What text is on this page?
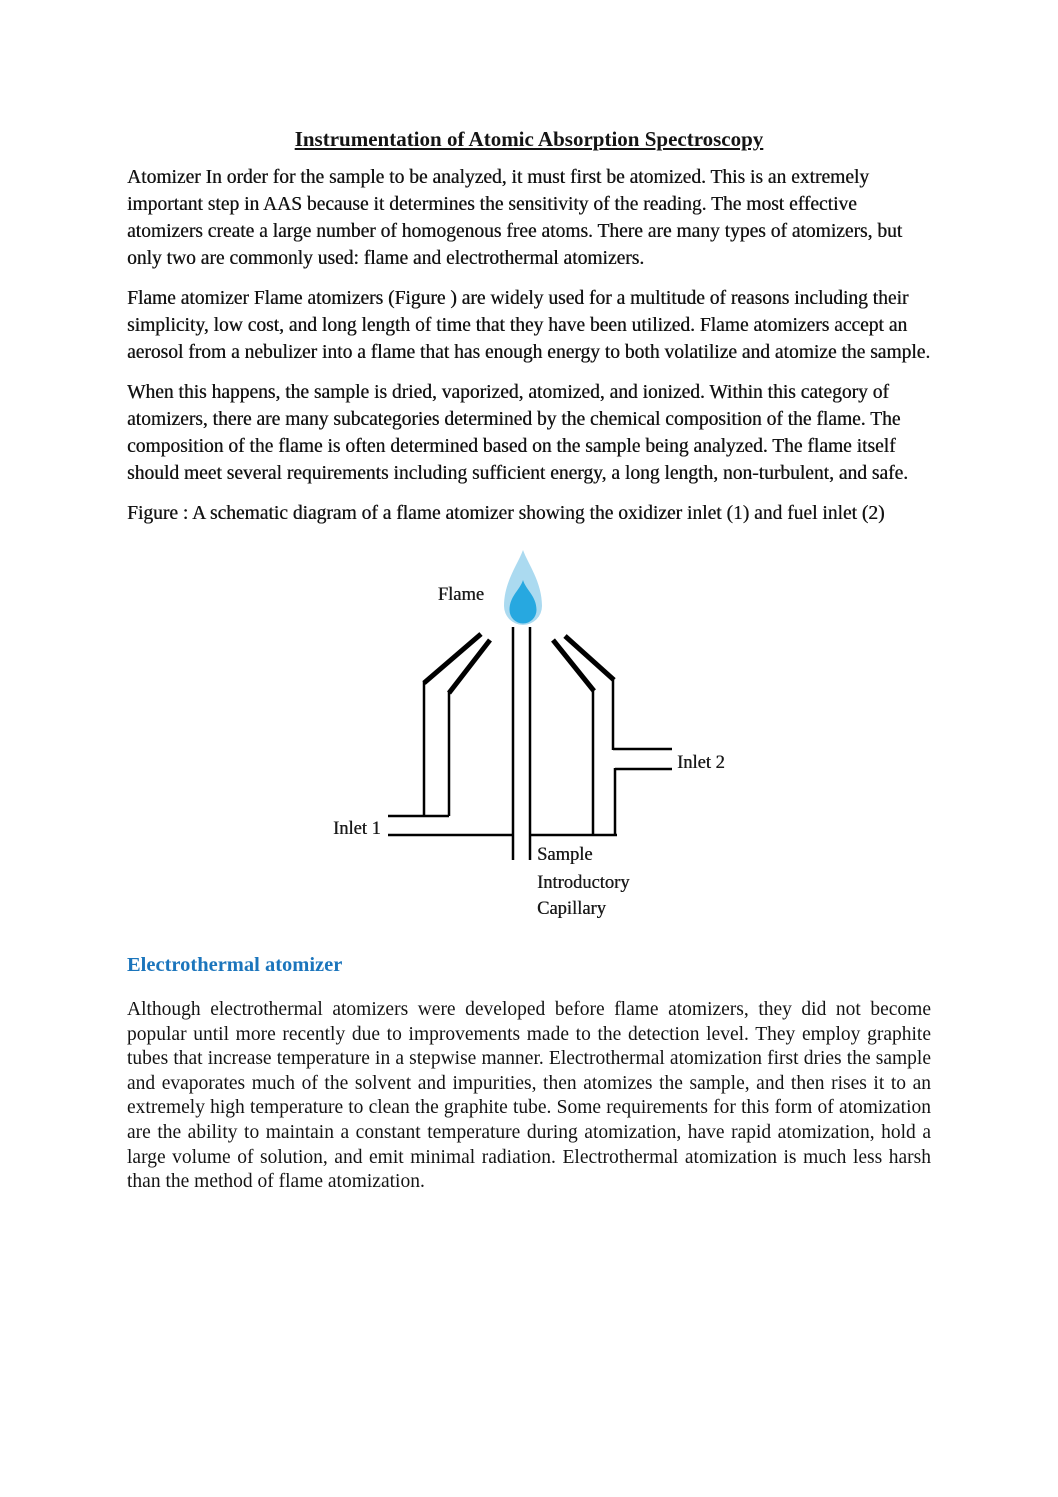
Instrumentation of Atomic Absorption Spectroscopy

Atomizer In order for the sample to be analyzed, it must first be atomized. This is an extremely important step in AAS because it determines the sensitivity of the reading. The most effective atomizers create a large number of homogenous free atoms. There are many types of atomizers, but only two are commonly used: flame and electrothermal atomizers.

Flame atomizer Flame atomizers (Figure ) are widely used for a multitude of reasons including their simplicity, low cost, and long length of time that they have been utilized. Flame atomizers accept an aerosol from a nebulizer into a flame that has enough energy to both volatilize and atomize the sample.

When this happens, the sample is dried, vaporized, atomized, and ionized. Within this category of atomizers, there are many subcategories determined by the chemical composition of the flame. The composition of the flame is often determined based on the sample being analyzed. The flame itself should meet several requirements including sufficient energy, a long length, non-turbulent, and safe.

Figure : A schematic diagram of a flame atomizer showing the oxidizer inlet (1) and fuel inlet (2)

Flame
Inlet 1
Inlet 2
Sample
Introductory
Capillary
Electrothermal atomizer

Although electrothermal atomizers were developed before flame atomizers, they did not become popular until more recently due to improvements made to the detection level. They employ graphite tubes that increase temperature in a stepwise manner. Electrothermal atomization first dries the sample and evaporates much of the solvent and impurities, then atomizes the sample, and then rises it to an extremely high temperature to clean the graphite tube. Some requirements for this form of atomization are the ability to maintain a constant temperature during atomization, have rapid atomization, hold a large volume of solution, and emit minimal radiation. Electrothermal atomization is much less harsh than the method of flame atomization.
